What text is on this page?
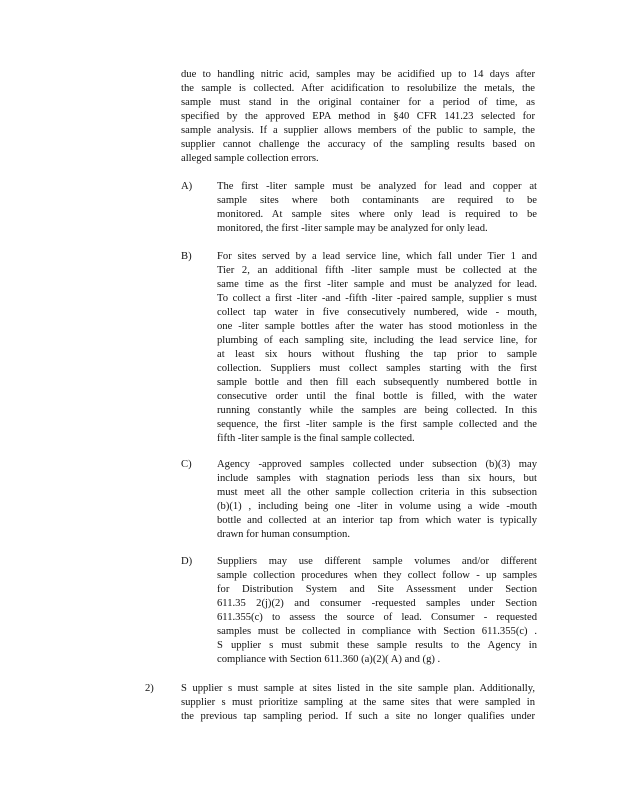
due to handling nitric acid, samples may be acidified up to 14 days after
the sample is collected. After acidification to resolubilize the metals, the
sample must stand in the original container for a period of time, as
specified by the approved EPA method in §40 CFR 141.23 selected for
sample analysis. If a supplier allows members of the public to sample, the
supplier cannot challenge the accuracy of the sampling results based on
alleged sample collection errors.
A) The first -liter sample must be analyzed for lead and copper at
sample sites where both contaminants are required to be
monitored. At sample sites where only lead is required to be
monitored, the first -liter sample may be analyzed for only lead.
B) For sites served by a lead service line, which fall under Tier 1 and
Tier 2, an additional fifth -liter sample must be collected at the
same time as the first -liter sample and must be analyzed for lead.
To collect a first -liter -and -fifth -liter -paired sample, supplier s must
collect tap water in five consecutively numbered, wide - mouth,
one -liter sample bottles after the water has stood motionless in the
plumbing of each sampling site, including the lead service line, for
at least six hours without flushing the tap prior to sample
collection. Suppliers must collect samples starting with the first
sample bottle and then fill each subsequently numbered bottle in
consecutive order until the final bottle is filled, with the water
running constantly while the samples are being collected. In this
sequence, the first -liter sample is the first sample collected and the
fifth -liter sample is the final sample collected.
C) Agency -approved samples collected under subsection (b)(3) may
include samples with stagnation periods less than six hours, but
must meet all the other sample collection criteria in this subsection
(b)(1) , including being one -liter in volume using a wide -mouth
bottle and collected at an interior tap from which water is typically
drawn for human consumption.
D) Suppliers may use different sample volumes and/or different
sample collection procedures when they collect follow - up samples
for Distribution System and Site Assessment under Section
611.35 2(j)(2) and consumer -requested samples under Section
611.355(c) to assess the source of lead. Consumer - requested
samples must be collected in compliance with Section 611.355(c) .
S upplier s must submit these sample results to the Agency in
compliance with Section 611.360 (a)(2)( A) and (g) .
2)	S upplier s must sample at sites listed in the site sample plan. Additionally,
supplier s must prioritize sampling at the same sites that were sampled in
the previous tap sampling period. If such a site no longer qualifies under
